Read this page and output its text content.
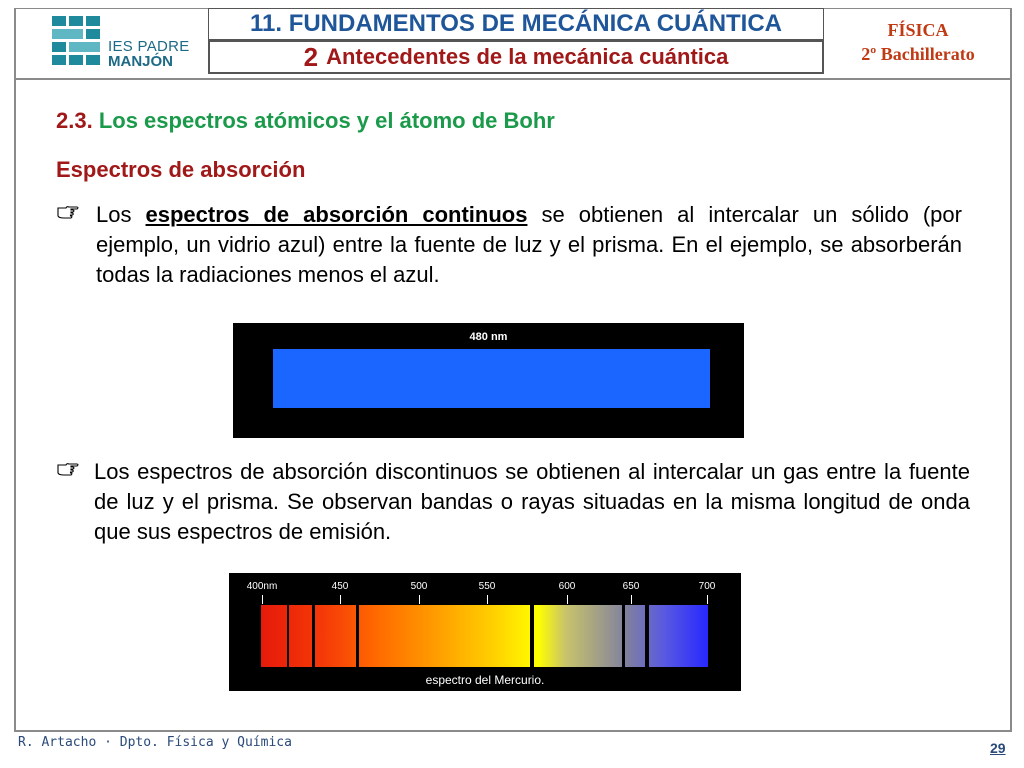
IES PADRE
MANJÓN
11. FUNDAMENTOS DE MECÁNICA CUÁNTICA
2 Antecedentes de la mecánica cuántica
FÍSICA
2º Bachillerato
2.3. Los espectros atómicos y el átomo de Bohr
Espectros de absorción
Los espectros de absorción continuos se obtienen al intercalar un sólido (por ejemplo, un vidrio azul) entre la fuente de luz y el prisma. En el ejemplo, se absorberán todas la radiaciones menos el azul.
480 nm
Los espectros de absorción discontinuos se obtienen al intercalar un gas entre la fuente de luz y el prisma. Se observan bandas o rayas situadas en la misma longitud de onda que sus espectros de emisión.
espectro del Mercurio.
400nm	450	500	550	600	650	700
R. Artacho · Dpto. Física y Química	29
